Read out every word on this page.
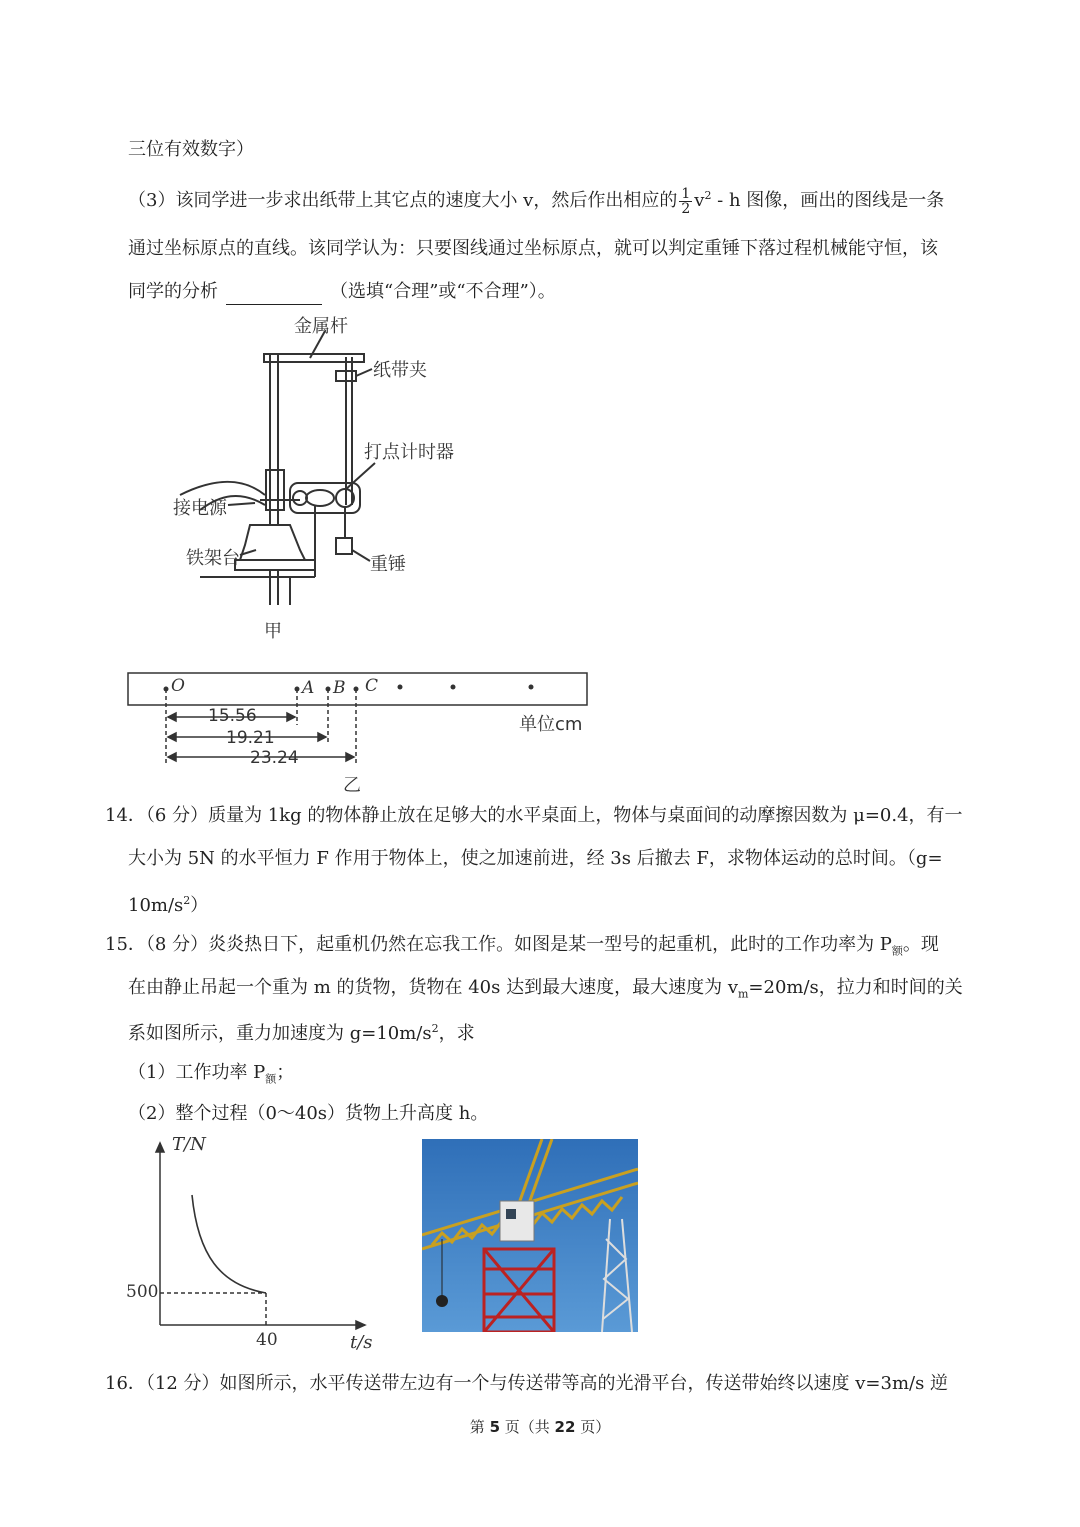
三位有效数字）
（3）该同学进一步求出纸带上其它点的速度大小 v，然后作出相应的 $\frac{1}{2} v^2$ - h 图像，画出的图线是一条
通过坐标原点的直线。该同学认为：只要图线通过坐标原点，就可以判定重锤下落过程机械能守恒，该
同学的分析	（选填“合理”或“不合理”）。
金属杆
纸带夹
打点计时器
接电源
铁架台	重锤
甲
O	A B C
15.56
19.21
23.24
单位cm
乙
14．（6 分）质量为 1kg 的物体静止放在足够大的水平桌面上，物体与桌面间的动摩擦因数为 μ=0.4，有一
大小为 5N 的水平恒力 F 作用于物体上，使之加速前进，经 3s 后撤去 F，求物体运动的总时间。（g=
$10m/s^2$）
15．（8 分）炎炎热日下，起重机仍然在忘我工作。如图是某一型号的起重机，此时的工作功率为 $P_额$。现
在由静止吊起一个重为 m 的货物，货物在 40s 达到最大速度，最大速度为 $v_m=20m/s$，拉力和时间的关
系如图所示，重力加速度为 $g=10m/s^2$，求
（1）工作功率 $P_额$；
（2）整个过程（0～40s）货物上升高度 h。
T/N
t/s
500
40
16．（12 分）如图所示，水平传送带左边有一个与传送带等高的光滑平台，传送带始终以速度 v=3m/s 逆
第 5 页（共 22 页）
